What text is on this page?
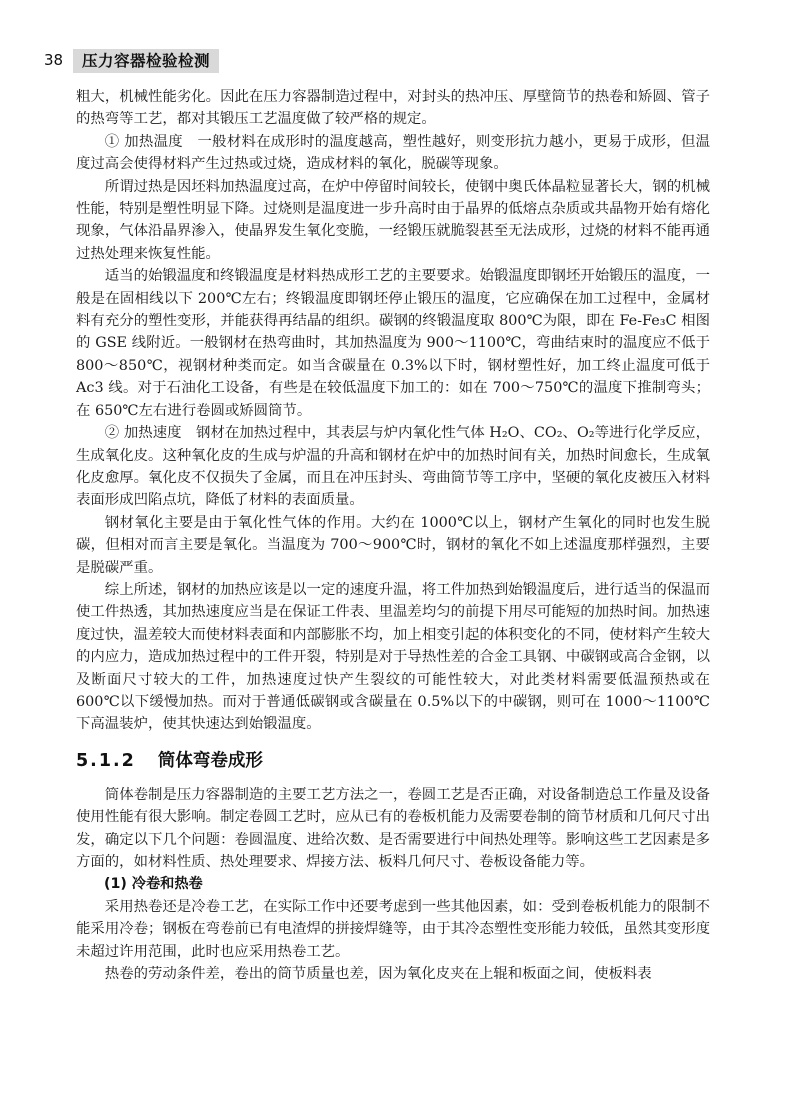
38	压力容器检验检测

粗大，机械性能劣化。因此在压力容器制造过程中，对封头的热冲压、厚壁筒节的热卷和矫圆、管子的热弯等工艺，都对其锻压工艺温度做了较严格的规定。

① 加热温度　一般材料在成形时的温度越高，塑性越好，则变形抗力越小，更易于成形，但温度过高会使得材料产生过热或过烧，造成材料的氧化，脱碳等现象。

所谓过热是因坯料加热温度过高，在炉中停留时间较长，使钢中奥氏体晶粒显著长大，钢的机械性能，特别是塑性明显下降。过烧则是温度进一步升高时由于晶界的低熔点杂质或共晶物开始有熔化现象，气体沿晶界渗入，使晶界发生氧化变脆，一经锻压就脆裂甚至无法成形，过烧的材料不能再通过热处理来恢复性能。

适当的始锻温度和终锻温度是材料热成形工艺的主要要求。始锻温度即钢坯开始锻压的温度，一般是在固相线以下 200℃左右；终锻温度即钢坯停止锻压的温度，它应确保在加工过程中，金属材料有充分的塑性变形，并能获得再结晶的组织。碳钢的终锻温度取 800℃为限，即在 Fe-Fe₃C 相图的 GSE 线附近。一般钢材在热弯曲时，其加热温度为 900～1100℃，弯曲结束时的温度应不低于 800～850℃，视钢材种类而定。如当含碳量在 0.3%以下时，钢材塑性好，加工终止温度可低于 Ac3 线。对于石油化工设备，有些是在较低温度下加工的：如在 700～750℃的温度下推制弯头；在 650℃左右进行卷圆或矫圆筒节。

② 加热速度　钢材在加热过程中，其表层与炉内氧化性气体 H₂O、CO₂、O₂等进行化学反应，生成氧化皮。这种氧化皮的生成与炉温的升高和钢材在炉中的加热时间有关，加热时间愈长，生成氧化皮愈厚。氧化皮不仅损失了金属，而且在冲压封头、弯曲筒节等工序中，坚硬的氧化皮被压入材料表面形成凹陷点坑，降低了材料的表面质量。

钢材氧化主要是由于氧化性气体的作用。大约在 1000℃以上，钢材产生氧化的同时也发生脱碳，但相对而言主要是氧化。当温度为 700～900℃时，钢材的氧化不如上述温度那样强烈，主要是脱碳严重。

综上所述，钢材的加热应该是以一定的速度升温，将工件加热到始锻温度后，进行适当的保温而使工件热透，其加热速度应当是在保证工件表、里温差均匀的前提下用尽可能短的加热时间。加热速度过快，温差较大而使材料表面和内部膨胀不均，加上相变引起的体积变化的不同，使材料产生较大的内应力，造成加热过程中的工件开裂，特别是对于导热性差的合金工具钢、中碳钢或高合金钢，以及断面尺寸较大的工件，加热速度过快产生裂纹的可能性较大，对此类材料需要低温预热或在 600℃以下缓慢加热。而对于普通低碳钢或含碳量在 0.5%以下的中碳钢，则可在 1000～1100℃下高温装炉，使其快速达到始锻温度。

5.1.2 筒体弯卷成形

筒体卷制是压力容器制造的主要工艺方法之一，卷圆工艺是否正确，对设备制造总工作量及设备使用性能有很大影响。制定卷圆工艺时，应从已有的卷板机能力及需要卷制的筒节材质和几何尺寸出发，确定以下几个问题：卷圆温度、进给次数、是否需要进行中间热处理等。影响这些工艺因素是多方面的，如材料性质、热处理要求、焊接方法、板料几何尺寸、卷板设备能力等。

(1) 冷卷和热卷

采用热卷还是冷卷工艺，在实际工作中还要考虑到一些其他因素，如：受到卷板机能力的限制不能采用冷卷；钢板在弯卷前已有电渣焊的拼接焊缝等，由于其冷态塑性变形能力较低，虽然其变形度未超过许用范围，此时也应采用热卷工艺。

热卷的劳动条件差，卷出的筒节质量也差，因为氧化皮夹在上辊和板面之间，使板料表
